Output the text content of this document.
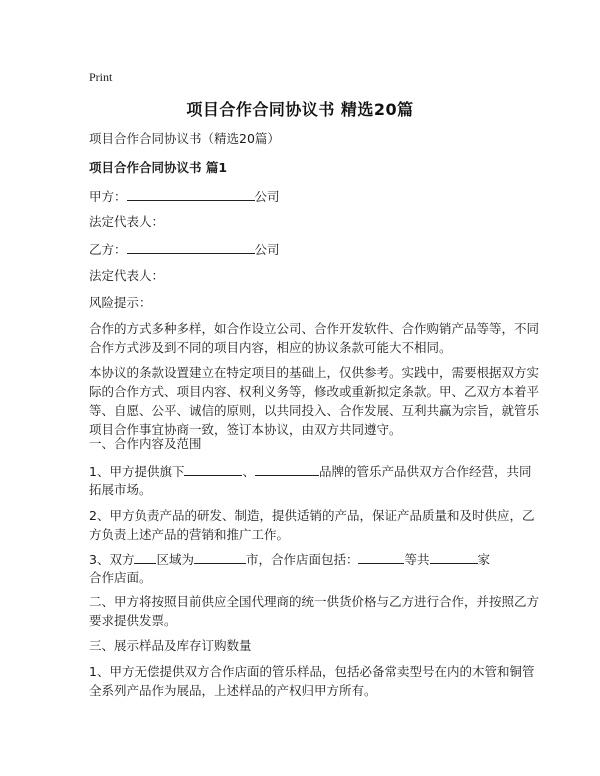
Print
项目合作合同协议书 精选20篇
项目合作合同协议书（精选20篇）
项目合作合同协议书 篇1
甲方：	公司
法定代表人：
乙方：	公司
法定代表人：
风险提示：
合作的方式多种多样，如合作设立公司、合作开发软件、合作购销产品等等，不同
合作方式涉及到不同的项目内容，相应的协议条款可能大不相同。
本协议的条款设置建立在特定项目的基础上，仅供参考。实践中，需要根据双方实
际的合作方式、项目内容、权利义务等，修改或重新拟定条款。甲、乙双方本着平
等、自愿、公平、诚信的原则，以共同投入、合作发展、互利共赢为宗旨，就管乐
项目合作事宜协商一致，签订本协议，由双方共同遵守。
一、合作内容及范围
1、甲方提供旗下	、	品牌的管乐产品供双方合作经营，共同
拓展市场。
2、甲方负责产品的研发、制造，提供适销的产品，保证产品质量和及时供应，乙
方负责上述产品的营销和推广工作。
3、双方 区域为	市，合作店面包括：	等共	家
合作店面。
二、甲方将按照目前供应全国代理商的统一供货价格与乙方进行合作，并按照乙方
要求提供发票。
三、展示样品及库存订购数量
1、甲方无偿提供双方合作店面的管乐样品，包括必备常卖型号在内的木管和铜管
全系列产品作为展品，上述样品的产权归甲方所有。
